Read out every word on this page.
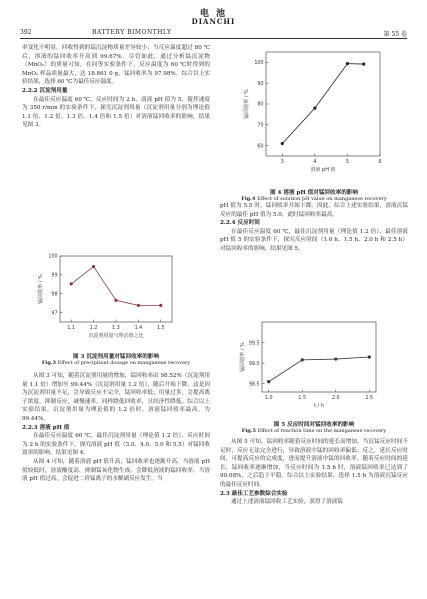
电 池
DIANCHI
392	BATTERY BIMONTHLY	第 55 卷

率变化不明显，回收得到的锰沉淀物质量差异较小；当反应温度超过 80 ℃后，溶液的锰回收率升高到 99.67%。尽管如此，通过分析锰沉淀物（MnO₂）的质量可知，在同等实验条件下，反应温度为 60 ℃时得到的 MnO₂ 样品质量最大，达 18.861 0 g，锰回收率为 97.98%。综合以上实验结果，选择 60 ℃为最佳反应温度。

2.2.2 沉淀剂用量

在最佳反应温度 60 ℃、反应时间为 2 h、溶液 pH 值为 5、搅拌速度为 350 r/min 的实验条件下，探究沉淀剂用量（沉淀剂用量分别为理论值 1.1 倍、1.2 倍、1.3 倍、1.4 倍和 1.5 倍）对溶液锰回收率的影响，结果见图 3。

1.1	1.2	1.3	1.4	1.5
97
98
99
100
沉淀剂用量与理论值之比
锰回收率 / %

图 3 沉淀剂用量对锰回收率的影响

Fig.3 Effect of precipitant dosage on manganese recovery

从图 3 可知，随着沉淀剂用量的增加，锰回收率由 98.52%（沉淀剂用量 1.1 倍）增加至 99.44%（沉淀剂用量 1.2 倍），随后开始下降。这是因为沉淀剂用量不足，会导致反应不完全，锰回收率低；用量过多，会提高离子浓度，抑制反应，减慢速率，同样降低回收率，且经济性降低。综合以上实验结果，沉淀剂用量为理论值的 1.2 倍时，溶液锰回收率最高，为 99.44%。

2.2.3 溶液 pH 值

在最佳反应温度 60 ℃，最佳沉淀剂用量（理论值 1.2 倍）、反应时间为 2 h 的实验条件下，探究溶液 pH 值（3.0、4.0、5.0 和 5.5）对锰回收效率的影响，结果见图 4。

从图 4 可知，随着溶液 pH 值升高，锰回收率也逐渐升高。当溶液 pH 值较低时，溶液酸度高，抑制锰氧化物生成，会降低溶液的锰回收率。当溶液 pH 值过高，会促进二价锰离子的水解副反应发生。当

3	4	5	6
60
70
80
90
100
溶液 pH 值
锰回收率 / %

图 4 溶液 pH 值对锰回收率的影响

Fig.4 Effect of solution pH value on manganese recovery

pH 值为 5.5 时，锰回收率开始下降。因此，综合上述实验结果，溶液沉锰反应的最佳 pH 值为 5.0，此时锰回收率最高。

2.2.4 反应时间

在最佳反应温度 60 ℃，最佳沉淀剂用量（理论值 1.2 倍）、最佳溶液 pH 值 5 的实验条件下，探究反应时间（1.0 h、1.5 h、2.0 h 和 2.5 h）对锰回收率的影响，结果见图 5。

1.0	1.5	2.0	2.5
98.5
99.0
99.5
t / h
锰回收率 / %

图 5 反应时间对锰回收率的影响

Fig.5 Effect of reaction time on the manganese recovery

从图 5 可知，锰回收率随着反应时间的延长而增加。当沉锰反应时间不足时，反应无法完全进行，导致溶液中锰的回收率偏低；反之，延长反应时间，可提高反应的完成度，进而提升溶液中锰的回收率。随着反应时间的延长，锰回收率逐渐增加，当反应时间为 1.5 h 时，溶液锰回收率已达到了 99.08%，之后趋于平稳。综合以上实验结果，选择 1.5 h 为溶液沉锰反应的最佳反应时间。

2.3 最佳工艺参数综合实验

通过上述溶液锰回收工艺实验，获得了溶液锰
